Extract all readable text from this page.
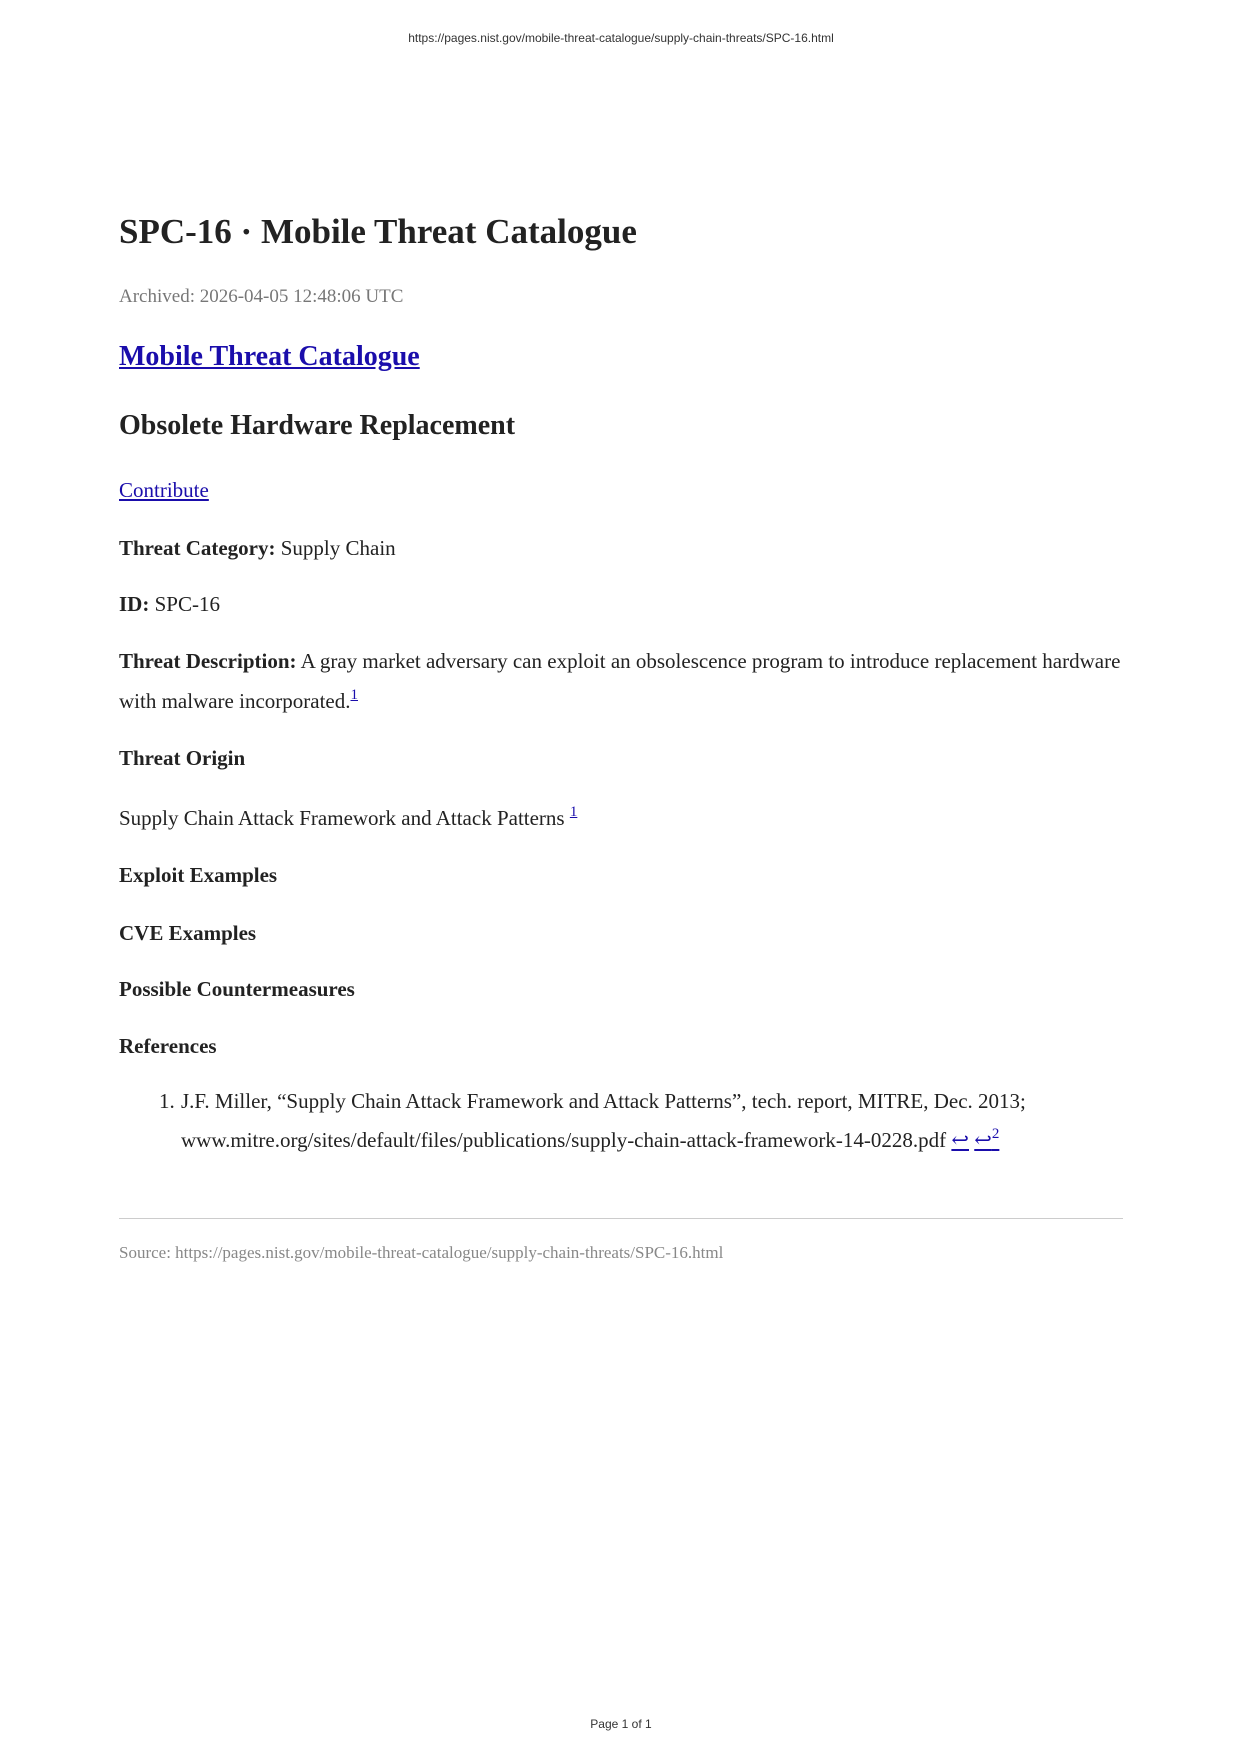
https://pages.nist.gov/mobile-threat-catalogue/supply-chain-threats/SPC-16.html
SPC-16 · Mobile Threat Catalogue
Archived: 2026-04-05 12:48:06 UTC
Mobile Threat Catalogue
Obsolete Hardware Replacement
Contribute

Threat Category: Supply Chain

ID: SPC-16

Threat Description: A gray market adversary can exploit an obsolescence program to introduce replacement hardware with malware incorporated.$^1$

Threat Origin

Supply Chain Attack Framework and Attack Patterns $^1$

Exploit Examples

CVE Examples

Possible Countermeasures

References

1. J.F. Miller, “Supply Chain Attack Framework and Attack Patterns”, tech. report, MITRE, Dec. 2013; www.mitre.org/sites/default/files/publications/supply-chain-attack-framework-14-0228.pdf ↩ ↩$^2$
Source: https://pages.nist.gov/mobile-threat-catalogue/supply-chain-threats/SPC-16.html
Page 1 of 1
